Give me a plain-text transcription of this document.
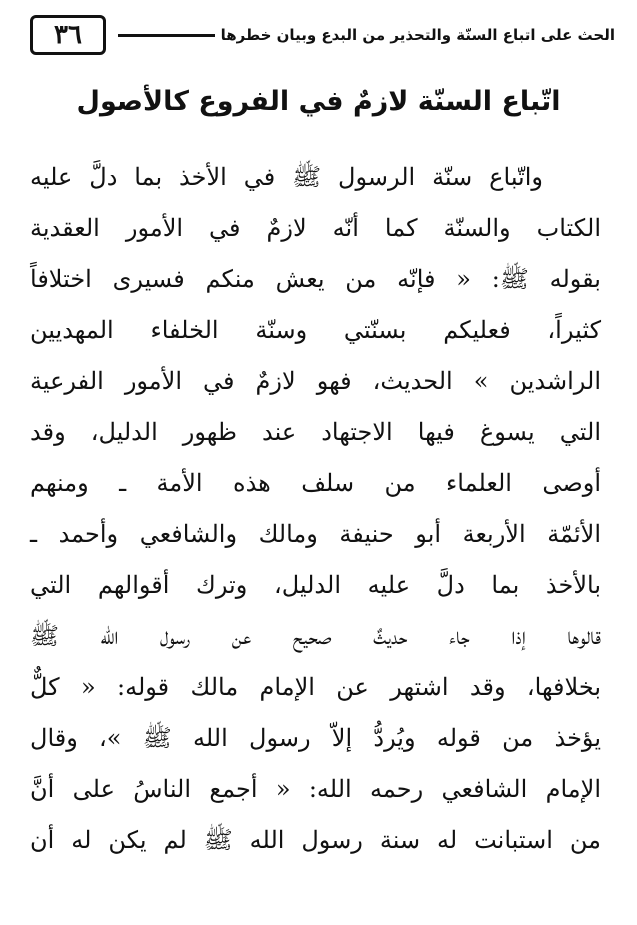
الحث على اتباع السنّة والتحذير من البدع وبيان خطرها
٣٦
اتّباع السنّة لازمٌ في الفروع كالأصول
واتّباع سنّة الرسول ﷺ في الأخذ بما دلَّ عليه
الكتاب والسنّة كما أنّه لازمٌ في الأمور العقدية
بقوله ﷺ: « فإنّه من يعش منكم فسيرى اختلافاً
كثيراً، فعليكم بسنّتي وسنّة الخلفاء المهديين
الراشدين » الحديث، فهو لازمٌ في الأمور الفرعية
التي يسوغ فيها الاجتهاد عند ظهور الدليل، وقد
أوصى العلماء من سلف هذه الأمة ـ ومنهم
الأئمّة الأربعة أبو حنيفة ومالك والشافعي وأحمد ـ
بالأخذ بما دلَّ عليه الدليل، وترك أقوالهم التي
قالوها إذا جاء حديثٌ صحيح عن رسول الله ﷺ
بخلافها، وقد اشتهر عن الإمام مالك قوله: « كلٌّ
يؤخذ من قوله ويُردُّ إلاّ رسول الله ﷺ »، وقال
الإمام الشافعي رحمه الله: « أجمع الناسُ على أنَّ
من استبانت له سنة رسول الله ﷺ لم يكن له أن
